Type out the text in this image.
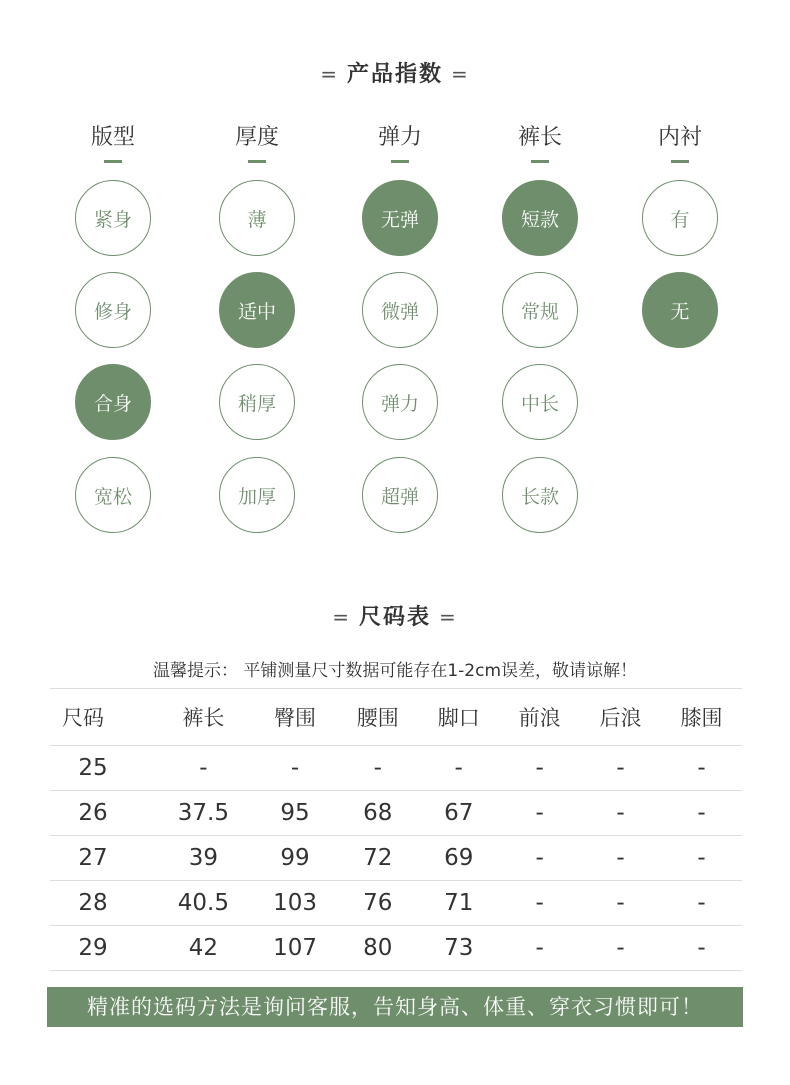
= 产品指数 =
版型
紧身
修身
合身
宽松
厚度
薄
适中
稍厚
加厚
弹力
无弹
微弹
弹力
超弹
裤长
短款
常规
中长
长款
内衬
有
无
= 尺码表 =
温馨提示： 平铺测量尺寸数据可能存在1-2cm误差，敬请谅解！
尺码	裤长	臀围	腰围	脚口	前浪	后浪	膝围
25	-	-	-	-	-	-	-
26	37.5	95	68	67	-	-	-
27	39	99	72	69	-	-	-
28	40.5	103	76	71	-	-	-
29	42	107	80	73	-	-	-
精准的选码方法是询问客服，告知身高、体重、穿衣习惯即可！
